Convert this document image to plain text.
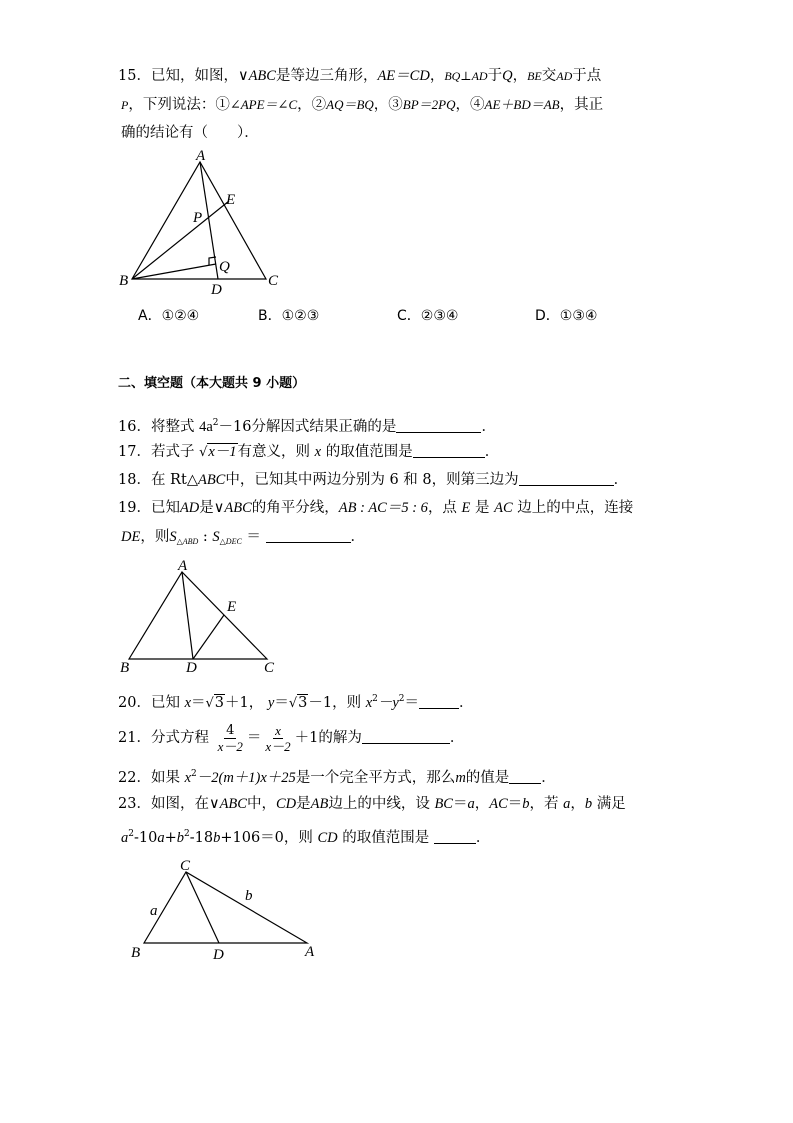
15．已知，如图，∨ABC是等边三角形，AE＝CD，BQ⊥AD于Q，BE交AD于点
P，下列说法：①∠APE＝∠C，②AQ＝BQ，③BP＝2PQ，④AE＋BD＝AB，其正
确的结论有（　　）．
A
B	C
D
E
P
Q
A．①②④	B．①②③	C．②③④	D．①③④
二、填空题（本大题共 9 小题）
16．将整式 $4a^2-16$分解因式结果正确的是	．
17．若式子 √x－1有意义，则 x 的取值范围是	．
18．在 Rt△ABC中，已知其中两边分别为 6 和 8，则第三边为	．
19．已知AD是∨ABC的角平分线，AB : AC＝5 : 6，点 E 是 AC 边上的中点，连接
DE，则$S_{\triangle ABD}$ : $S_{\triangle DEC}$ ＝	．
A
B	C
D
E
20．已知 x＝√3＋1， y＝√3－1，则 $x^2-y^2=$	．
21．分式方程 $\frac{4}{x-2} = \frac{x}{x-2} +1$的解为	．
22．如果 $x^2-2(m+1)x+25$是一个完全平方式，那么m的值是 ．
23．如图，在∨ABC中，CD是AB边上的中线，设 BC＝a，AC＝b，若 a，b 满足
$a^2-10a+b^2-18b+106=0$，则 CD 的取值范围是	．
C
B	D	A
a
b
